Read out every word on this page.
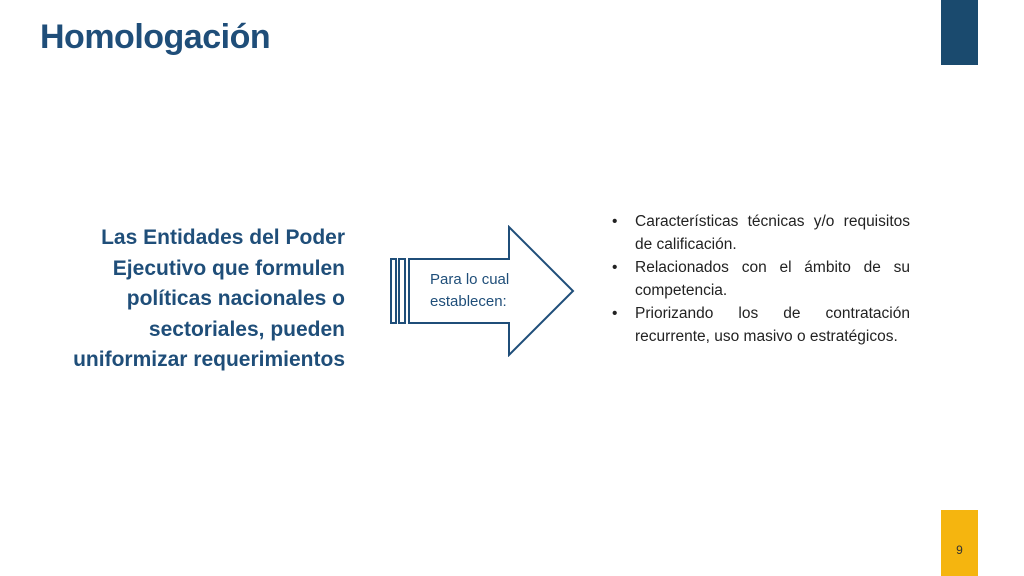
Homologación
9
Las Entidades del Poder Ejecutivo que formulen políticas nacionales o sectoriales, pueden uniformizar requerimientos
Para lo cual establecen:
• Características técnicas y/o requisitos de calificación.
• Relacionados con el ámbito de su competencia.
• Priorizando los de contratación recurrente, uso masivo o estratégicos.
